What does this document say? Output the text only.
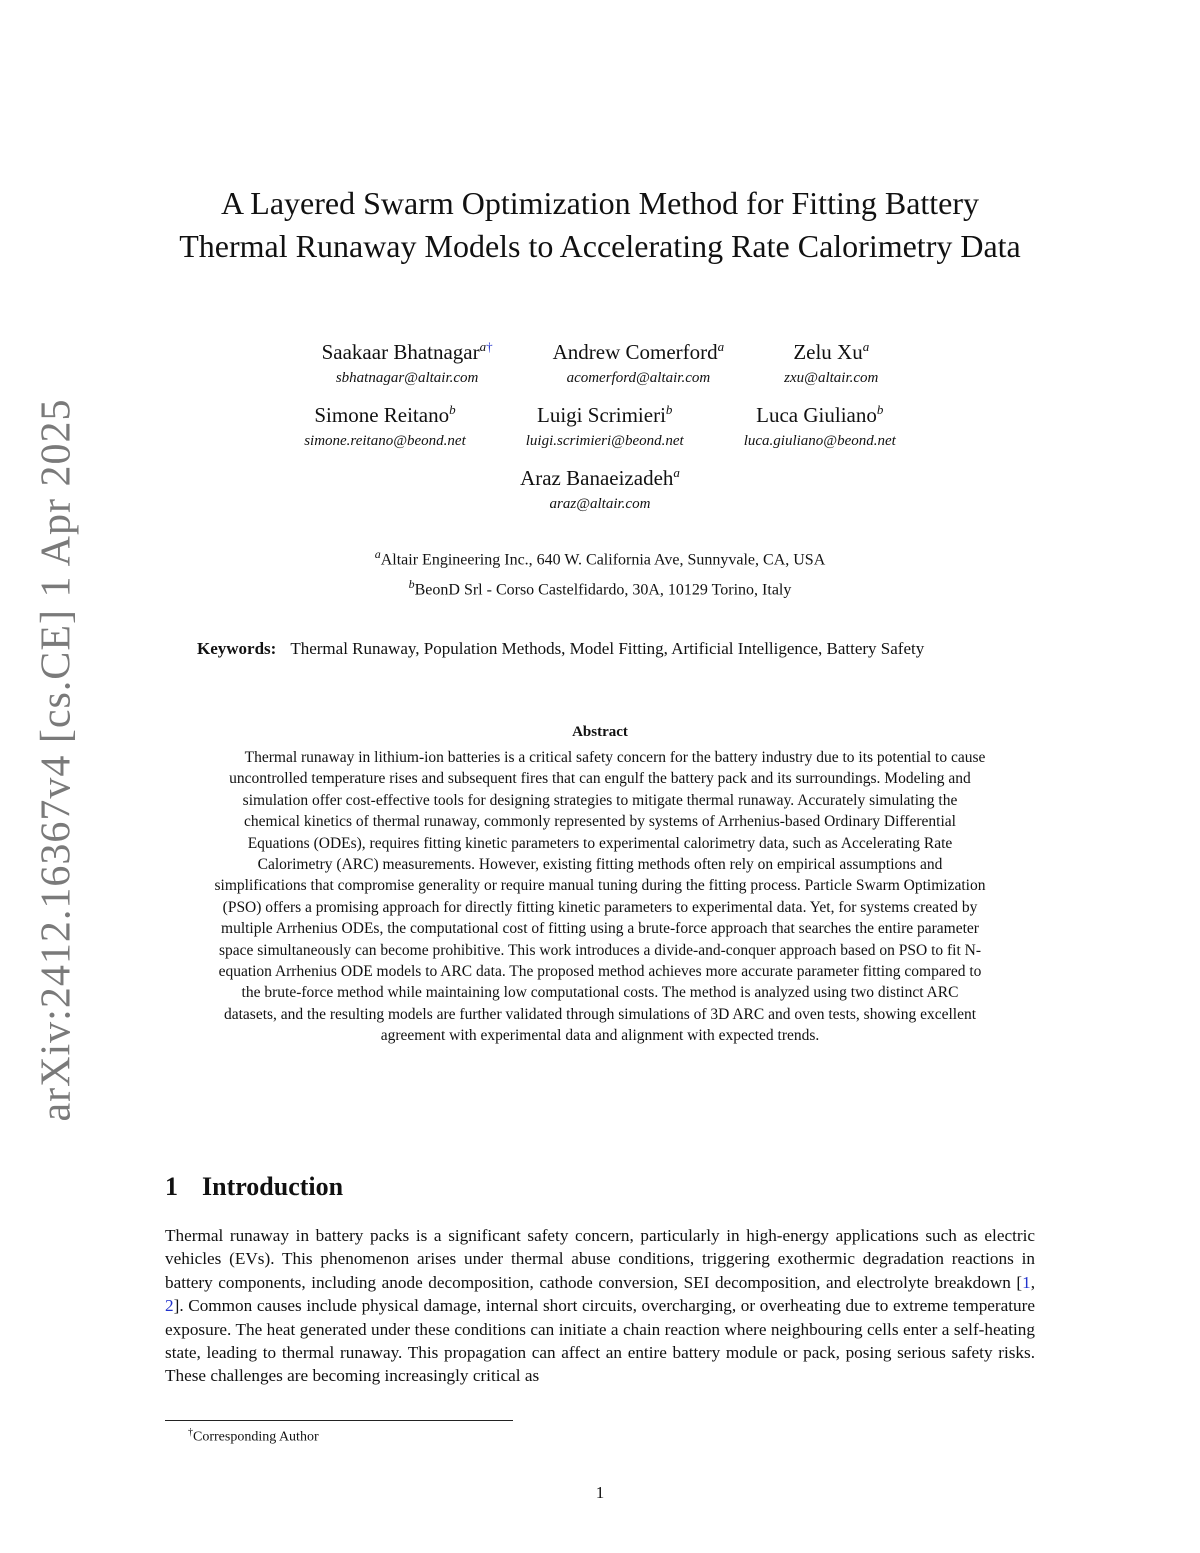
arXiv:2412.16367v4 [cs.CE] 1 Apr 2025
A Layered Swarm Optimization Method for Fitting Battery Thermal Runaway Models to Accelerating Rate Calorimetry Data
Saakaar Bhatnagar$^{a\dagger}$
sbhatnagar@altair.com
Andrew Comerford$^a$
acomerford@altair.com
Zelu Xu$^a$
zxu@altair.com
Simone Reitano$^b$
simone.reitano@beond.net
Luigi Scrimieri$^b$
luigi.scrimieri@beond.net
Luca Giuliano$^b$
luca.giuliano@beond.net
Araz Banaeizadeh$^a$
araz@altair.com
$^a$Altair Engineering Inc., 640 W. California Ave, Sunnyvale, CA, USA
$^b$BeonD Srl - Corso Castelfidardo, 30A, 10129 Torino, Italy
Keywords: Thermal Runaway, Population Methods, Model Fitting, Artificial Intelligence, Battery Safety
Abstract

Thermal runaway in lithium-ion batteries is a critical safety concern for the battery industry due to its potential to cause uncontrolled temperature rises and subsequent fires that can engulf the battery pack and its surroundings. Modeling and simulation offer cost-effective tools for designing strategies to mitigate thermal runaway. Accurately simulating the chemical kinetics of thermal runaway, commonly represented by systems of Arrhenius-based Ordinary Differential Equations (ODEs), requires fitting kinetic parameters to experimental calorimetry data, such as Accelerating Rate Calorimetry (ARC) measurements. However, existing fitting methods often rely on empirical assumptions and simplifications that compromise generality or require manual tuning during the fitting process. Particle Swarm Optimization (PSO) offers a promising approach for directly fitting kinetic parameters to experimental data. Yet, for systems created by multiple Arrhenius ODEs, the computational cost of fitting using a brute-force approach that searches the entire parameter space simultaneously can become prohibitive. This work introduces a divide-and-conquer approach based on PSO to fit N-equation Arrhenius ODE models to ARC data. The proposed method achieves more accurate parameter fitting compared to the brute-force method while maintaining low computational costs. The method is analyzed using two distinct ARC datasets, and the resulting models are further validated through simulations of 3D ARC and oven tests, showing excellent agreement with experimental data and alignment with expected trends.

1 Introduction

Thermal runaway in battery packs is a significant safety concern, particularly in high-energy applications such as electric vehicles (EVs). This phenomenon arises under thermal abuse conditions, triggering exothermic degradation reactions in battery components, including anode decomposition, cathode conversion, SEI decomposition, and electrolyte breakdown [1, 2]. Common causes include physical damage, internal short circuits, overcharging, or overheating due to extreme temperature exposure. The heat generated under these conditions can initiate a chain reaction where neighbouring cells enter a self-heating state, leading to thermal runaway. This propagation can affect an entire battery module or pack, posing serious safety risks. These challenges are becoming increasingly critical as

†Corresponding Author
1
